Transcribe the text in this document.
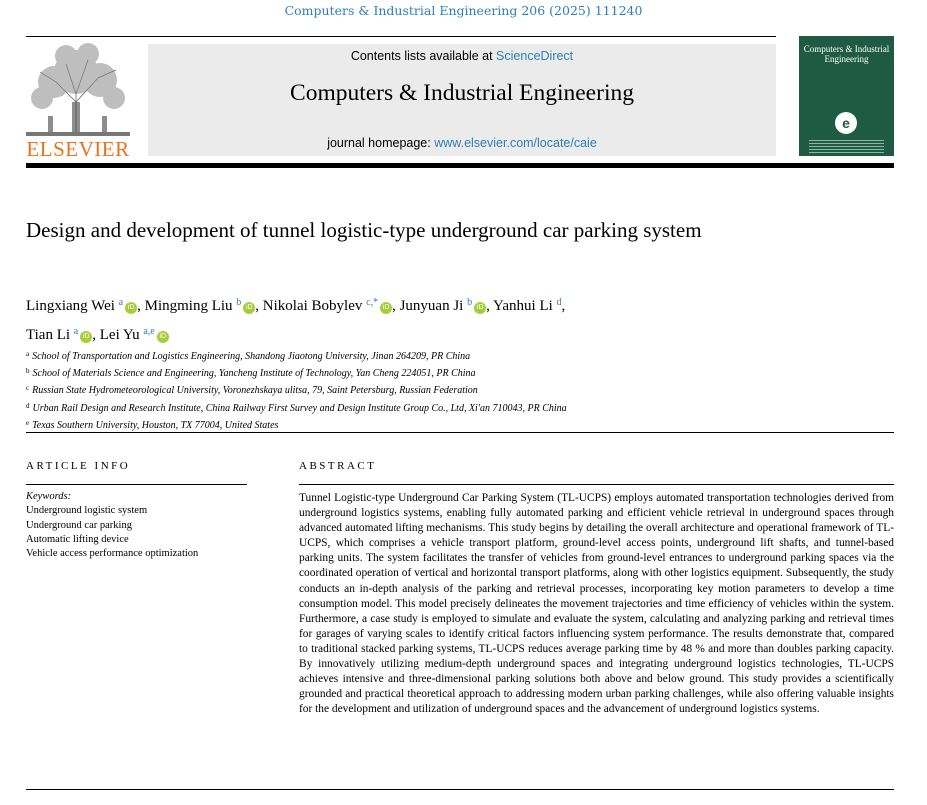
Computers & Industrial Engineering 206 (2025) 111240
ELSEVIER
Contents lists available at ScienceDirect
Computers & Industrial Engineering
journal homepage: www.elsevier.com/locate/caie
Computers & Industrial Engineering
e
Design and development of tunnel logistic-type underground car parking system
Lingxiang Wei $^a$ iD , Mingming Liu $^b$ iD , Nikolai Bobylev $^{c,*}$ iD , Junyuan Ji $^b$ iD , Yanhui Li $^d$,
Tian Li $^a$ iD , Lei Yu $^{a,e}$ iD
$^a$ School of Transportation and Logistics Engineering, Shandong Jiaotong University, Jinan 264209, PR China
$^b$ School of Materials Science and Engineering, Yancheng Institute of Technology, Yan Cheng 224051, PR China
$^c$ Russian State Hydrometeorological University, Voronezhskaya ulitsa, 79, Saint Petersburg, Russian Federation
$^d$ Urban Rail Design and Research Institute, China Railway First Survey and Design Institute Group Co., Ltd, Xi'an 710043, PR China
$^e$ Texas Southern University, Houston, TX 77004, United States
ARTICLE INFO	ABSTRACT
Keywords:
Underground logistic system
Underground car parking
Automatic lifting device
Vehicle access performance optimization
Tunnel Logistic-type Underground Car Parking System (TL-UCPS) employs automated transportation technologies derived from underground logistics systems, enabling fully automated parking and efficient vehicle retrieval in underground spaces through advanced automated lifting mechanisms. This study begins by detailing the overall architecture and operational framework of TL-UCPS, which comprises a vehicle transport platform, ground-level access points, underground lift shafts, and tunnel-based parking units. The system facilitates the transfer of vehicles from ground-level entrances to underground parking spaces via the coordinated operation of vertical and horizontal transport platforms, along with other logistics equipment. Subsequently, the study conducts an in-depth analysis of the parking and retrieval processes, incorporating key motion parameters to develop a time consumption model. This model precisely delineates the movement trajectories and time efficiency of vehicles within the system. Furthermore, a case study is employed to simulate and evaluate the system, calculating and analyzing parking and retrieval times for garages of varying scales to identify critical factors influencing system performance. The results demonstrate that, compared to traditional stacked parking systems, TL-UCPS reduces average parking time by 48 % and more than doubles parking capacity. By innovatively utilizing medium-depth underground spaces and integrating underground logistics technologies, TL-UCPS achieves intensive and three-dimensional parking solutions both above and below ground. This study provides a scientifically grounded and practical theoretical approach to addressing modern urban parking challenges, while also offering valuable insights for the development and utilization of underground spaces and the advancement of underground logistics systems.
